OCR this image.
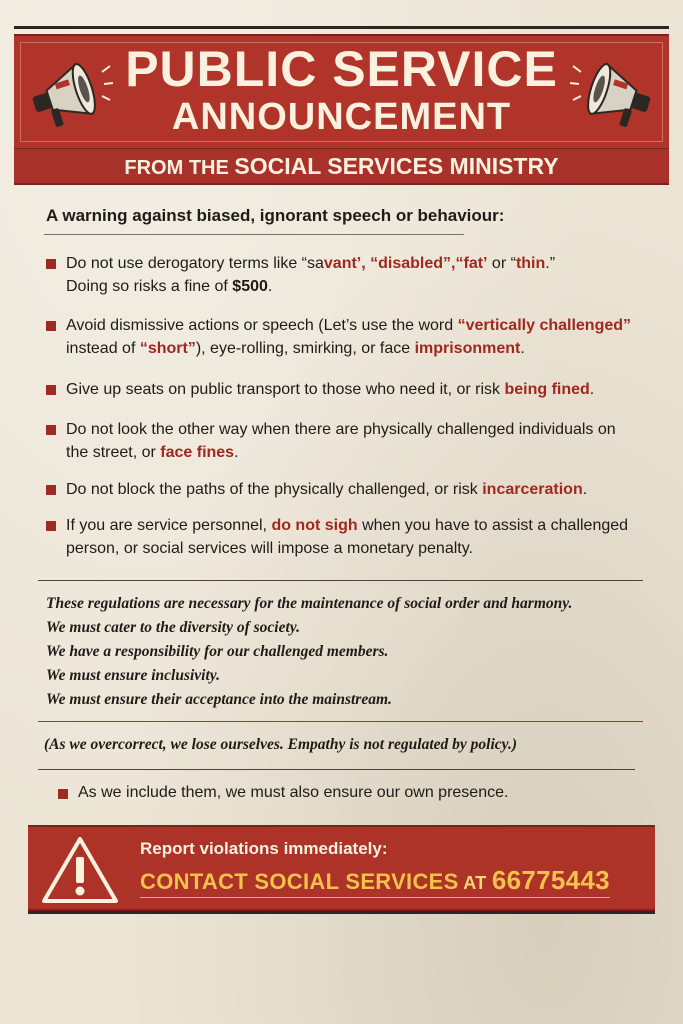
PUBLIC SERVICE
ANNOUNCEMENT
FROM THE SOCIAL SERVICES MINISTRY
A warning against biased, ignorant speech or behaviour:
Do not use derogatory terms like “savant’, “disabled”,“fat’ or “thin.”
Doing so risks a fine of $500.
Avoid dismissive actions or speech (Let’s use the word “vertically challenged”
instead of “short”), eye-rolling, smirking, or face imprisonment.
Give up seats on public transport to those who need it, or risk being fined.
Do not look the other way when there are physically challenged individuals on the street, or face fines.
Do not block the paths of the physically challenged, or risk incarceration.
If you are service personnel, do not sigh when you have to assist a challenged person, or social services will impose a monetary penalty.
These regulations are necessary for the maintenance of social order and harmony.
We must cater to the diversity of society.
We have a responsibility for our challenged members.
We must ensure inclusivity.
We must ensure their acceptance into the mainstream.
(As we overcorrect, we lose ourselves. Empathy is not regulated by policy.)
As we include them, we must also ensure our own presence.
Report violations immediately:
CONTACT SOCIAL SERVICES AT 66775443
